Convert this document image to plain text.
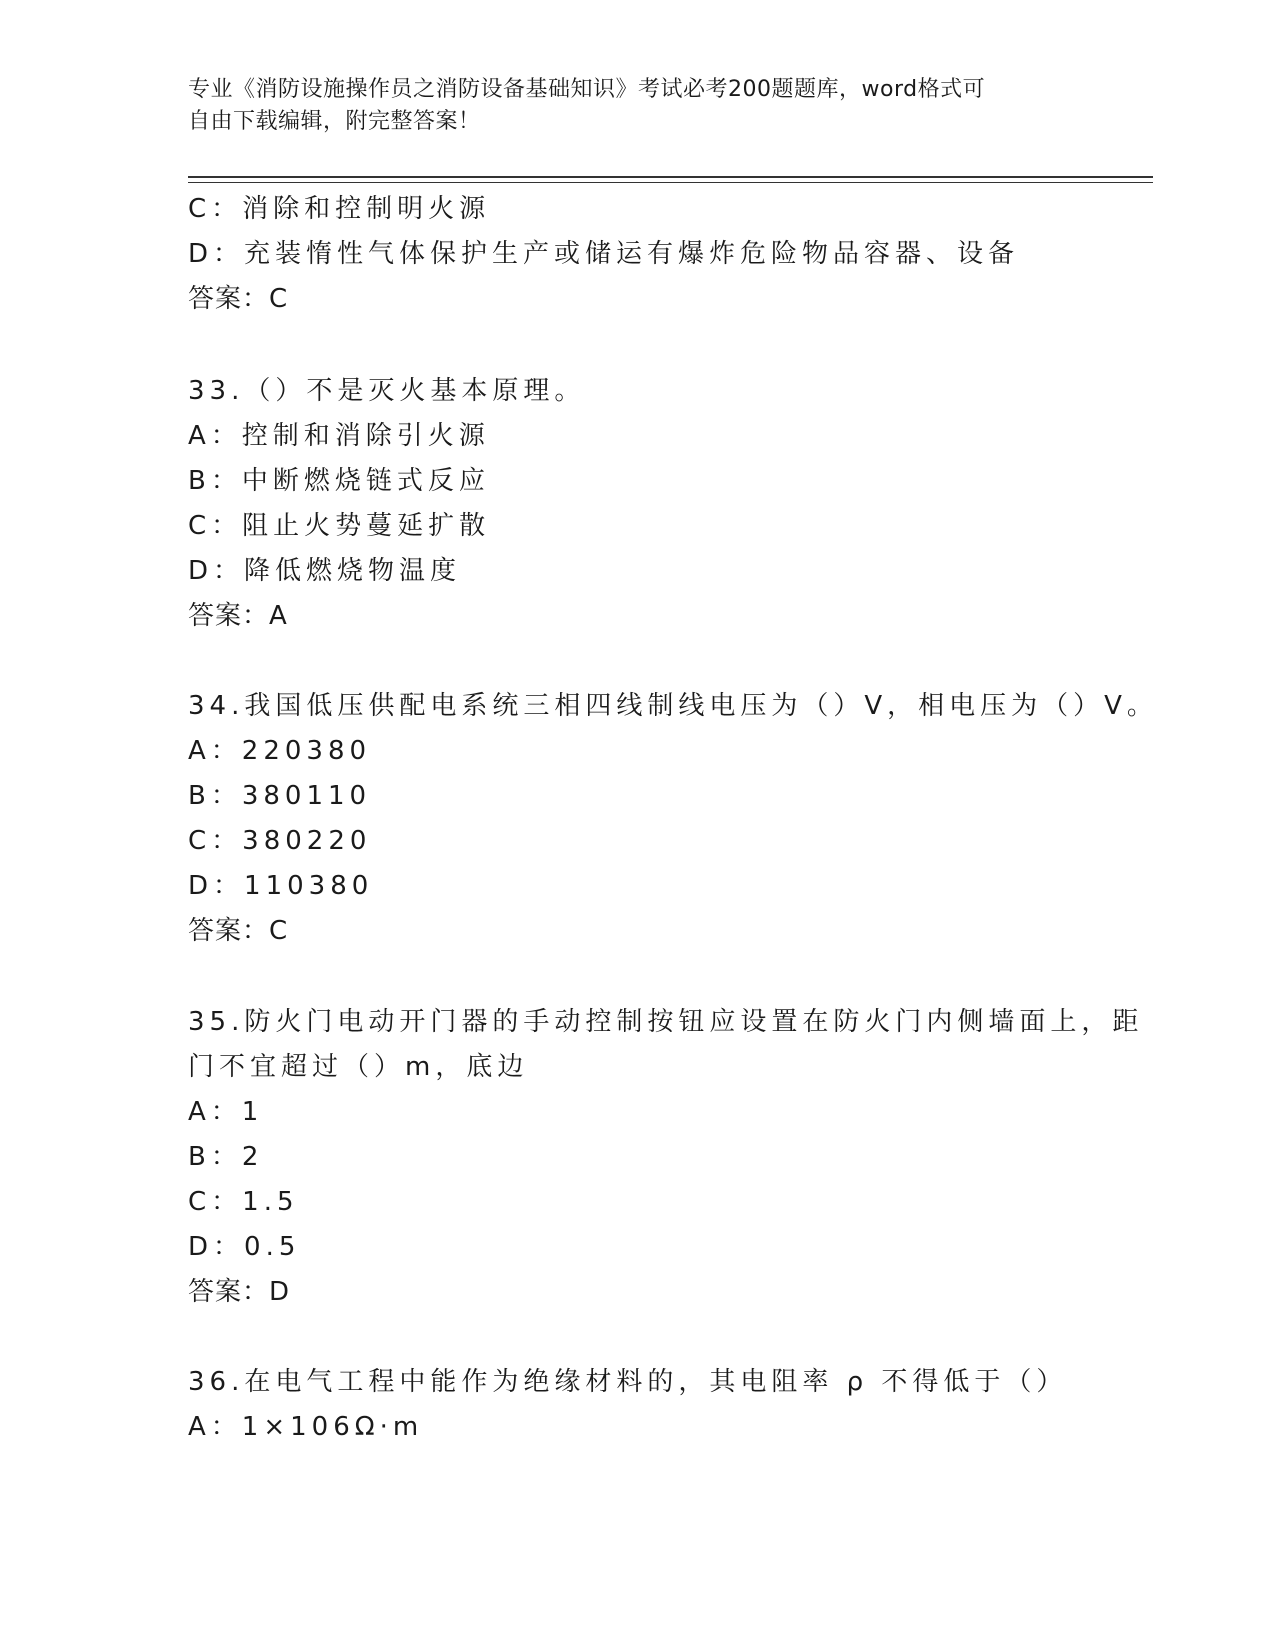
专业《消防设施操作员之消防设备基础知识》考试必考200题题库，word格式可
自由下载编辑，附完整答案！
C：消除和控制明火源
D：充装惰性气体保护生产或储运有爆炸危险物品容器、设备
答案：C
33.（）不是灭火基本原理。
A：控制和消除引火源
B：中断燃烧链式反应
C：阻止火势蔓延扩散
D：降低燃烧物温度
答案：A
34.我国低压供配电系统三相四线制线电压为（）V，相电压为（）V。
A：220380
B：380110
C：380220
D：110380
答案：C
35.防火门电动开门器的手动控制按钮应设置在防火门内侧墙面上，距
门不宜超过（）m，底边
A：1
B：2
C：1.5
D：0.5
答案：D
36.在电气工程中能作为绝缘材料的，其电阻率 ρ 不得低于（）
A：1×106Ω·m
